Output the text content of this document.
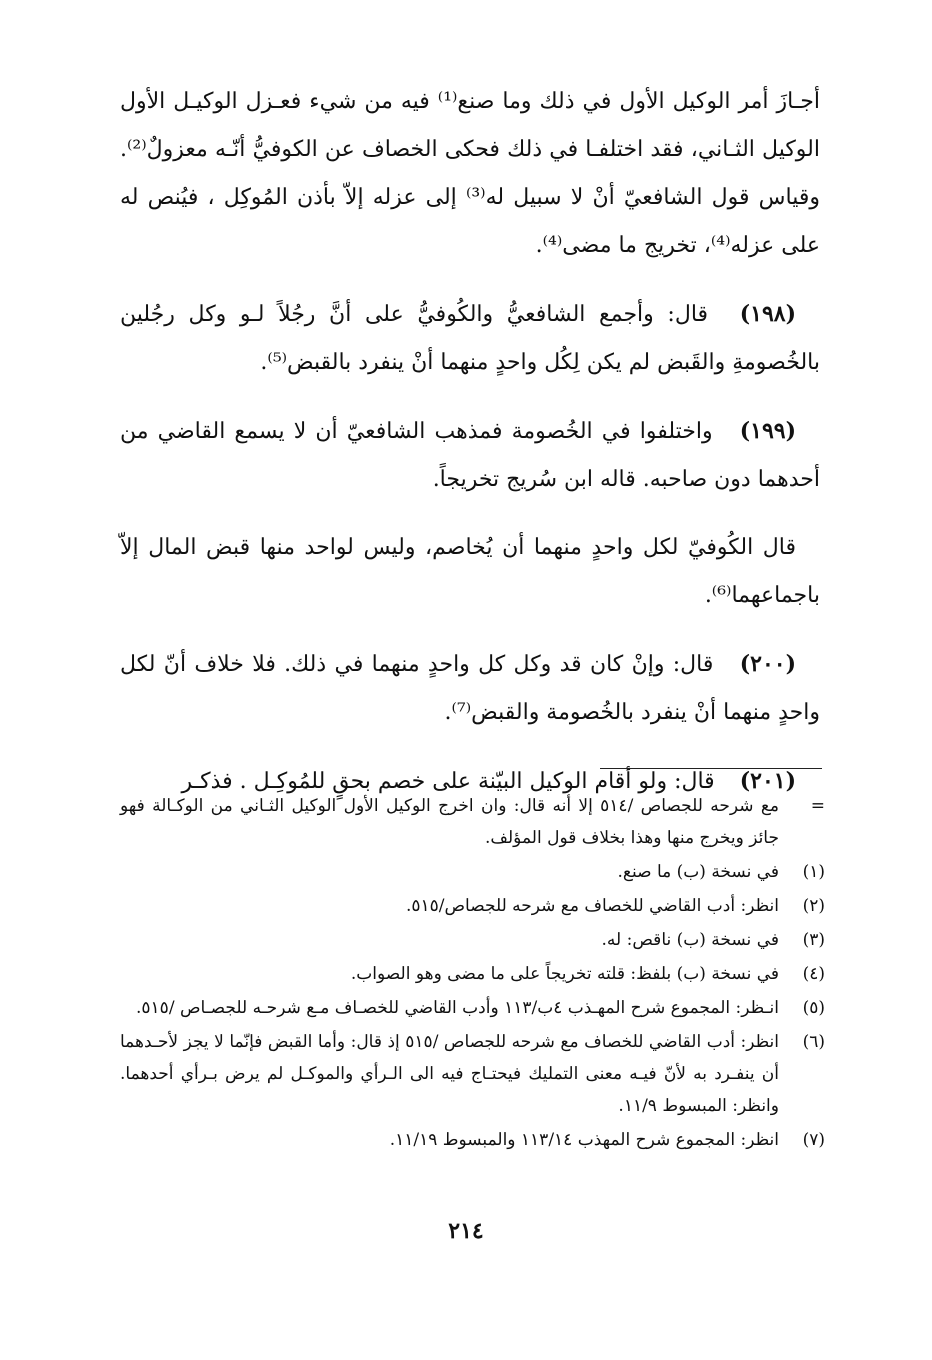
أجـازَ أمر الوكيل الأول في ذلك وما صنع⁽¹⁾ فيه من شيء فعـزل الوكيـل الأول الوكيل الثـاني، فقد اختلفـا في ذلك فحكى الخصاف عن الكوفيُّ أنّـه معزولٌ⁽²⁾. وقياس قول الشافعيّ أنْ لا سبيل له⁽³⁾ إلى عزله إلاّ بأذن المُوكِل ، فيُنص له على عزله⁽⁴⁾، تخريج ما مضى⁽⁴⁾.

(١٩٨) قال: وأجمع الشافعيُّ والكُوفيُّ على أنَّ رجُلاً لـو وكل رجُلين بالخُصومةِ والقَبض لم يكن لِكُل واحدٍ منهما أنْ ينفرد بالقبض⁽⁵⁾.

(١٩٩) واختلفوا في الخُصومة فمذهب الشافعيّ أن لا يسمع القاضي من أحدهما دون صاحبه. قاله ابن سُريج تخريجاً.

قال الكُوفيّ لكل واحدٍ منهما أن يُخاصم، وليس لواحد منها قبض المال إلاّ باجماعهما⁽⁶⁾.

(٢٠٠) قال: وإنْ كان قد وكل كل واحدٍ منهما في ذلك. فلا خلاف أنّ لكل واحدٍ منهما أنْ ينفرد بالخُصومة والقبض⁽⁷⁾.

(٢٠١) قال: ولو أقام الوكيل البيّنة على خصم بحقٍ للمُوكِـل . فذكـر

=
مع شرحه للجصاص /٥١٤ إلا أنه قال: وان اخرج الوكيل الأول الوكيل الثـاني من الوكـالة فهو جائز ويخرج منها وهذا بخلاف قول المؤلف.
(١)
في نسخة (ب) ما صنع.
(٢)
انظر: أدب القاضي للخصاف مع شرحه للجصاص/٥١٥.
(٣)
في نسخة (ب) ناقص: له.
(٤)
في نسخة (ب) بلفظ: قلته تخريجاً على ما مضى وهو الصواب.
(٥)
انـظر: المجموع شرح المهـذب ٤ب/١١٣ وأدب القاضي للخصـاف مـع شرحـه للجصـاص /٥١٥.
(٦)
انظر: أدب القاضي للخصاف مع شرحه للجصاص /٥١٥ إذ قال: وأما القبض فإنّما لا يجز لأحـدهما أن ينفـرد به لأنّ فيـه معنى التمليك فيحتـاج فيه الى الـرأي والموكـل لم يرض بـرأي أحدهما. وانظر: المبسوط ١١/٩.
(٧)
انظر: المجموع شرح المهذب ١١٣/١٤ والمبسوط ١١/١٩.
٢١٤
